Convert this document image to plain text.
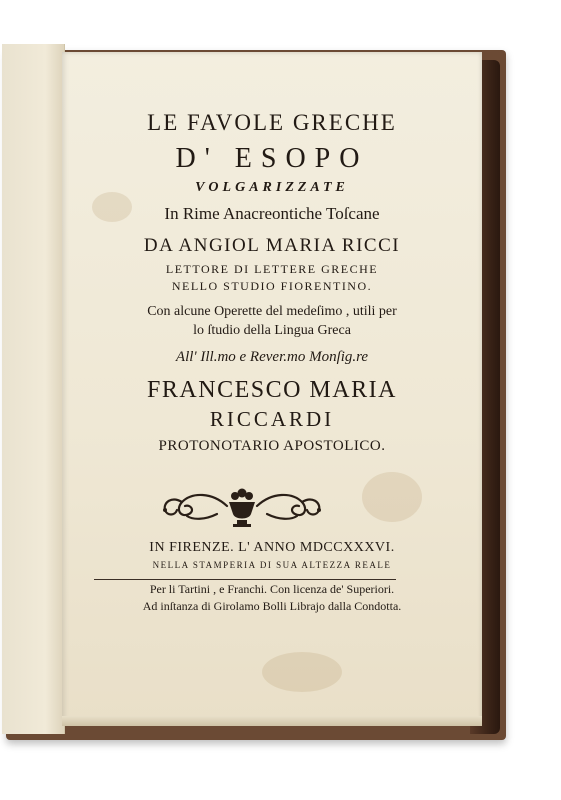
LE FAVOLE GRECHE
D' ESOPO
VOLGARIZZATE
In Rime Anacreontiche Toſcane
DA ANGIOL MARIA RICCI
LETTORE DI LETTERE GRECHE
NELLO STUDIO FIORENTINO.
Con alcune Operette del medeſimo , utili per
lo ſtudio della Lingua Greca
All' Ill.mo e Rever.mo Monſig.re
FRANCESCO MARIA
RICCARDI
PROTONOTARIO APOSTOLICO.
IN FIRENZE. L' ANNO MDCCXXXVI.
NELLA STAMPERIA DI SUA ALTEZZA REALE
Per li Tartini , e Franchi. Con licenza de' Superiori.
Ad inſtanza di Girolamo Bolli Librajo dalla Condotta.
